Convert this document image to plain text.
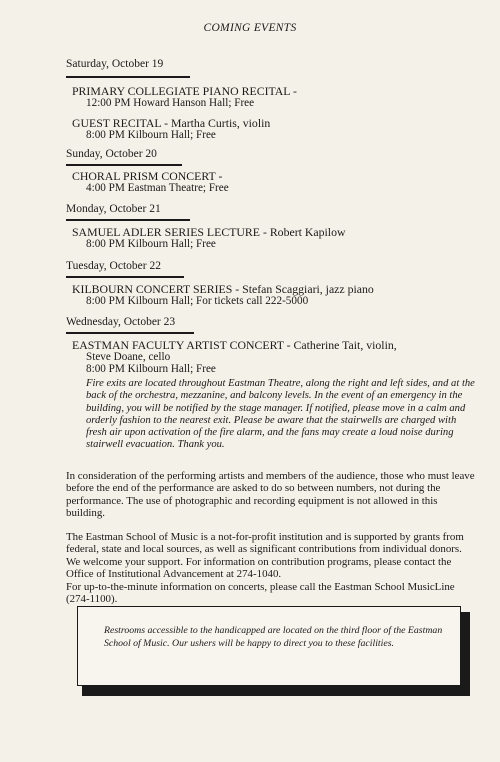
COMING EVENTS
Saturday, October 19
PRIMARY COLLEGIATE PIANO RECITAL -
12:00 PM Howard Hanson Hall; Free
GUEST RECITAL - Martha Curtis, violin
8:00 PM Kilbourn Hall; Free
Sunday, October 20
CHORAL PRISM CONCERT -
4:00 PM Eastman Theatre; Free
Monday, October 21
SAMUEL ADLER SERIES LECTURE - Robert Kapilow
8:00 PM Kilbourn Hall; Free
Tuesday, October 22
KILBOURN CONCERT SERIES - Stefan Scaggiari, jazz piano
8:00 PM Kilbourn Hall; For tickets call 222-5000
Wednesday, October 23
EASTMAN FACULTY ARTIST CONCERT - Catherine Tait, violin,
Steve Doane, cello
8:00 PM Kilbourn Hall; Free
Fire exits are located throughout Eastman Theatre, along the right and left sides, and at the back of the orchestra, mezzanine, and balcony levels. In the event of an emergency in the building, you will be notified by the stage manager. If notified, please move in a calm and orderly fashion to the nearest exit. Please be aware that the stairwells are charged with fresh air upon activation of the fire alarm, and the fans may create a loud noise during stairwell evacuation. Thank you.
In consideration of the performing artists and members of the audience, those who must leave before the end of the performance are asked to do so between numbers, not during the performance. The use of photographic and recording equipment is not allowed in this building.
The Eastman School of Music is a not-for-profit institution and is supported by grants from federal, state and local sources, as well as significant contributions from individual donors. We welcome your support. For information on contribution programs, please contact the Office of Institutional Advancement at 274-1040.
For up-to-the-minute information on concerts, please call the Eastman School MusicLine (274-1100).
Restrooms accessible to the handicapped are located on the third floor of the Eastman School of Music. Our ushers will be happy to direct you to these facilities.
